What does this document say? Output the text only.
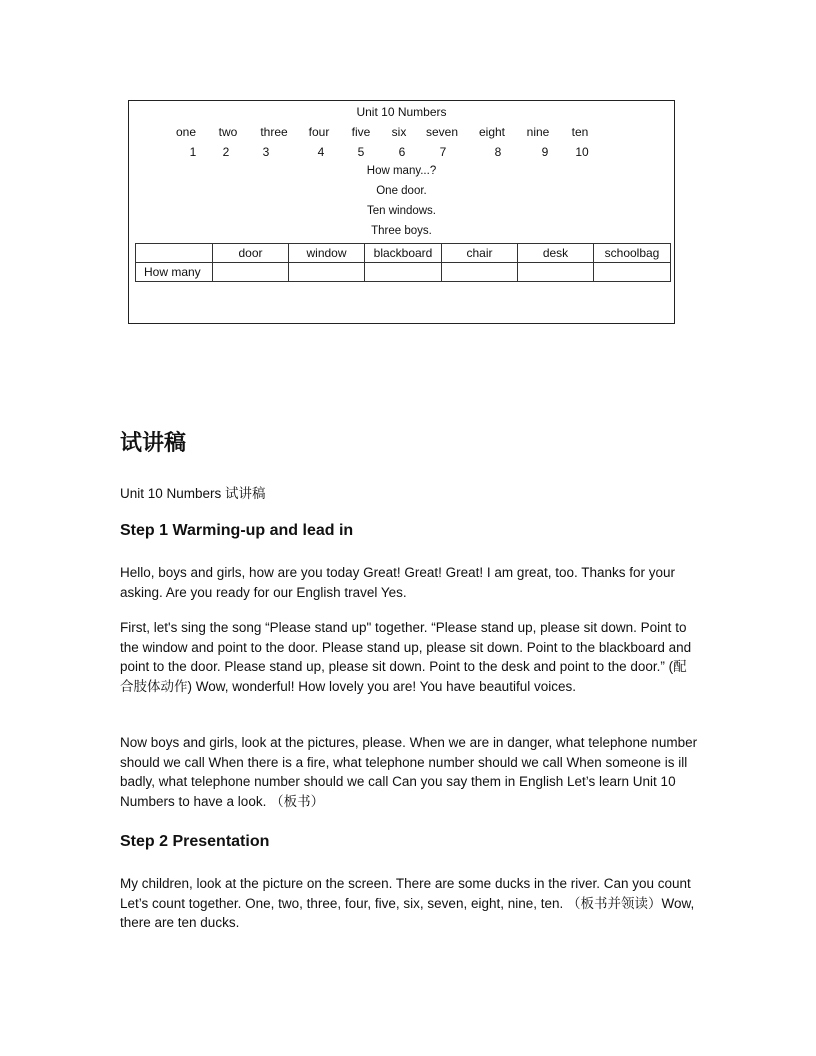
Unit 10 Numbers
one	two	three	four	five	six	seven	eight	nine	ten
1	2	3	4	5	6	7	8	9	10
How many...?
One door.
Ten windows.
Three boys.
	door	window	blackboard	chair	desk	schoolbag
How many						
试讲稿
Unit 10 Numbers 试讲稿
Step 1 Warming-up and lead in
Hello, boys and girls, how are you today Great! Great! Great! I am great, too. Thanks for your asking. Are you ready for our English travel Yes.
First, let's sing the song “Please stand up" together. “Please stand up, please sit down. Point to the window and point to the door. Please stand up, please sit down. Point to the blackboard and point to the door. Please stand up, please sit down. Point to the desk and point to the door.” (配合肢体动作) Wow, wonderful! How lovely you are! You have beautiful voices.
Now boys and girls, look at the pictures, please. When we are in danger, what telephone number should we call When there is a fire, what telephone number should we call When someone is ill badly, what telephone number should we call Can you say them in English Let’s learn Unit 10 Numbers to have a look. （板书）
Step 2 Presentation
My children, look at the picture on the screen. There are some ducks in the river. Can you count Let’s count together. One, two, three, four, five, six, seven, eight, nine, ten. （板书并领读）Wow, there are ten ducks.
